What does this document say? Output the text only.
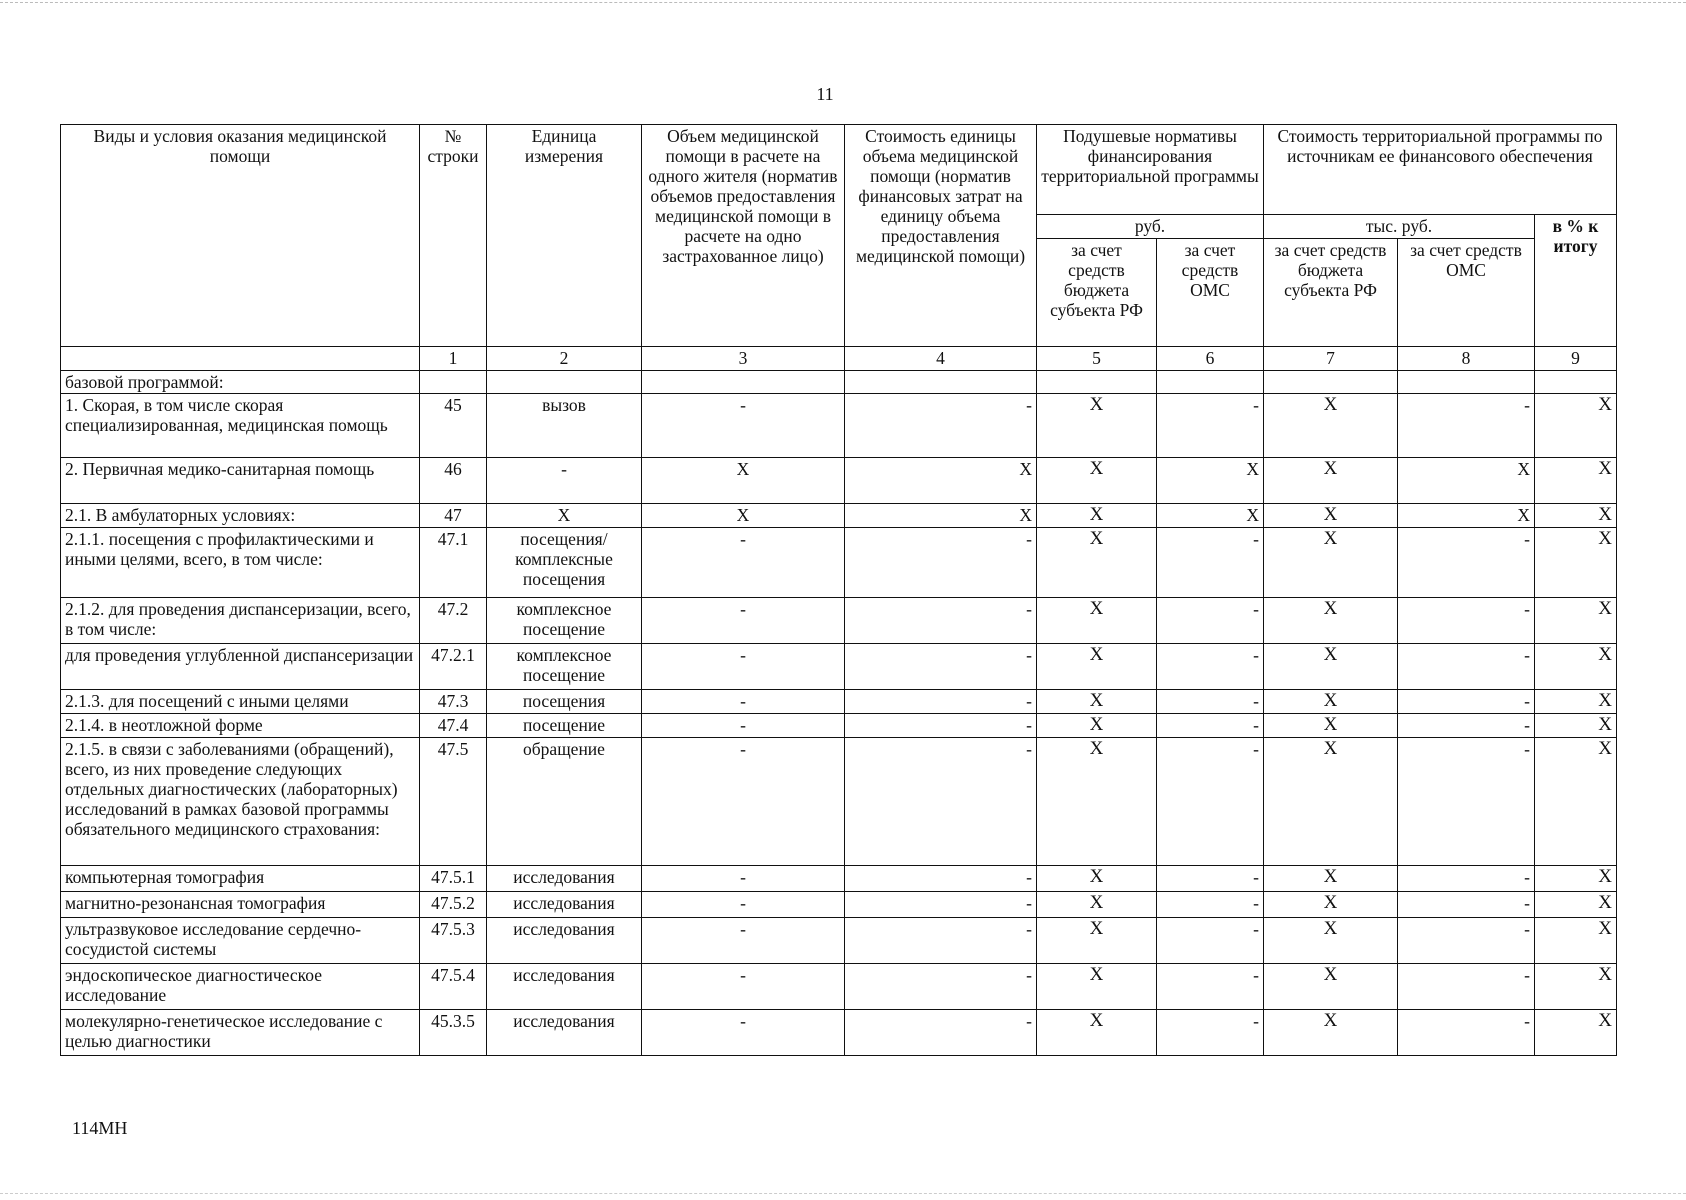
11
Виды и условия оказания медицинской помощи	№ строки	Единица измерения	Объем медицинской помощи в расчете на одного жителя (норматив объемов предоставления медицинской помощи в расчете на одно застрахованное лицо)	Стоимость единицы объема медицинской помощи (норматив финансовых затрат на единицу объема предоставления медицинской помощи)	Подушевые нормативы финансирования территориальной программы		Стоимость территориальной программы по источникам ее финансового обеспечения		
					руб.		тыс. руб.		в % к итогу
					за счет средств бюджета субъекта РФ	за счет средств ОМС	за счет средств бюджета субъекта РФ	за счет средств ОМС	
	1	2	3	4	5	6	7	8	9
базовой программой:									
1. Скорая, в том числе скорая специализированная, медицинская помощь	45	вызов	-	-	X	-	X	-	X
2. Первичная медико-санитарная помощь	46	-	X	X	X	X	X	X	X
2.1. В амбулаторных условиях:	47	X	X	X	X	X	X	X	X
2.1.1. посещения с профилактическими и иными целями, всего, в том числе:	47.1	посещения/ комплексные посещения	-	-	X	-	X	-	X
2.1.2. для проведения диспансеризации, всего, в том числе:	47.2	комплексное посещение	-	-	X	-	X	-	X
для проведения углубленной диспансеризации	47.2.1	комплексное посещение	-	-	X	-	X	-	X
2.1.3. для посещений с иными целями	47.3	посещения	-	-	X	-	X	-	X
2.1.4. в неотложной форме	47.4	посещение	-	-	X	-	X	-	X
2.1.5. в связи с заболеваниями (обращений), всего, из них проведение следующих отдельных диагностических (лабораторных) исследований в рамках базовой программы обязательного медицинского страхования:	47.5	обращение	-	-	X	-	X	-	X
компьютерная томография	47.5.1	исследования	-	-	X	-	X	-	X
магнитно-резонансная томография	47.5.2	исследования	-	-	X	-	X	-	X
ультразвуковое исследование сердечно-сосудистой системы	47.5.3	исследования	-	-	X	-	X	-	X
эндоскопическое диагностическое исследование	47.5.4	исследования	-	-	X	-	X	-	X
молекулярно-генетическое исследование с целью диагностики	45.3.5	исследования	-	-	X	-	X	-	X
114МН
